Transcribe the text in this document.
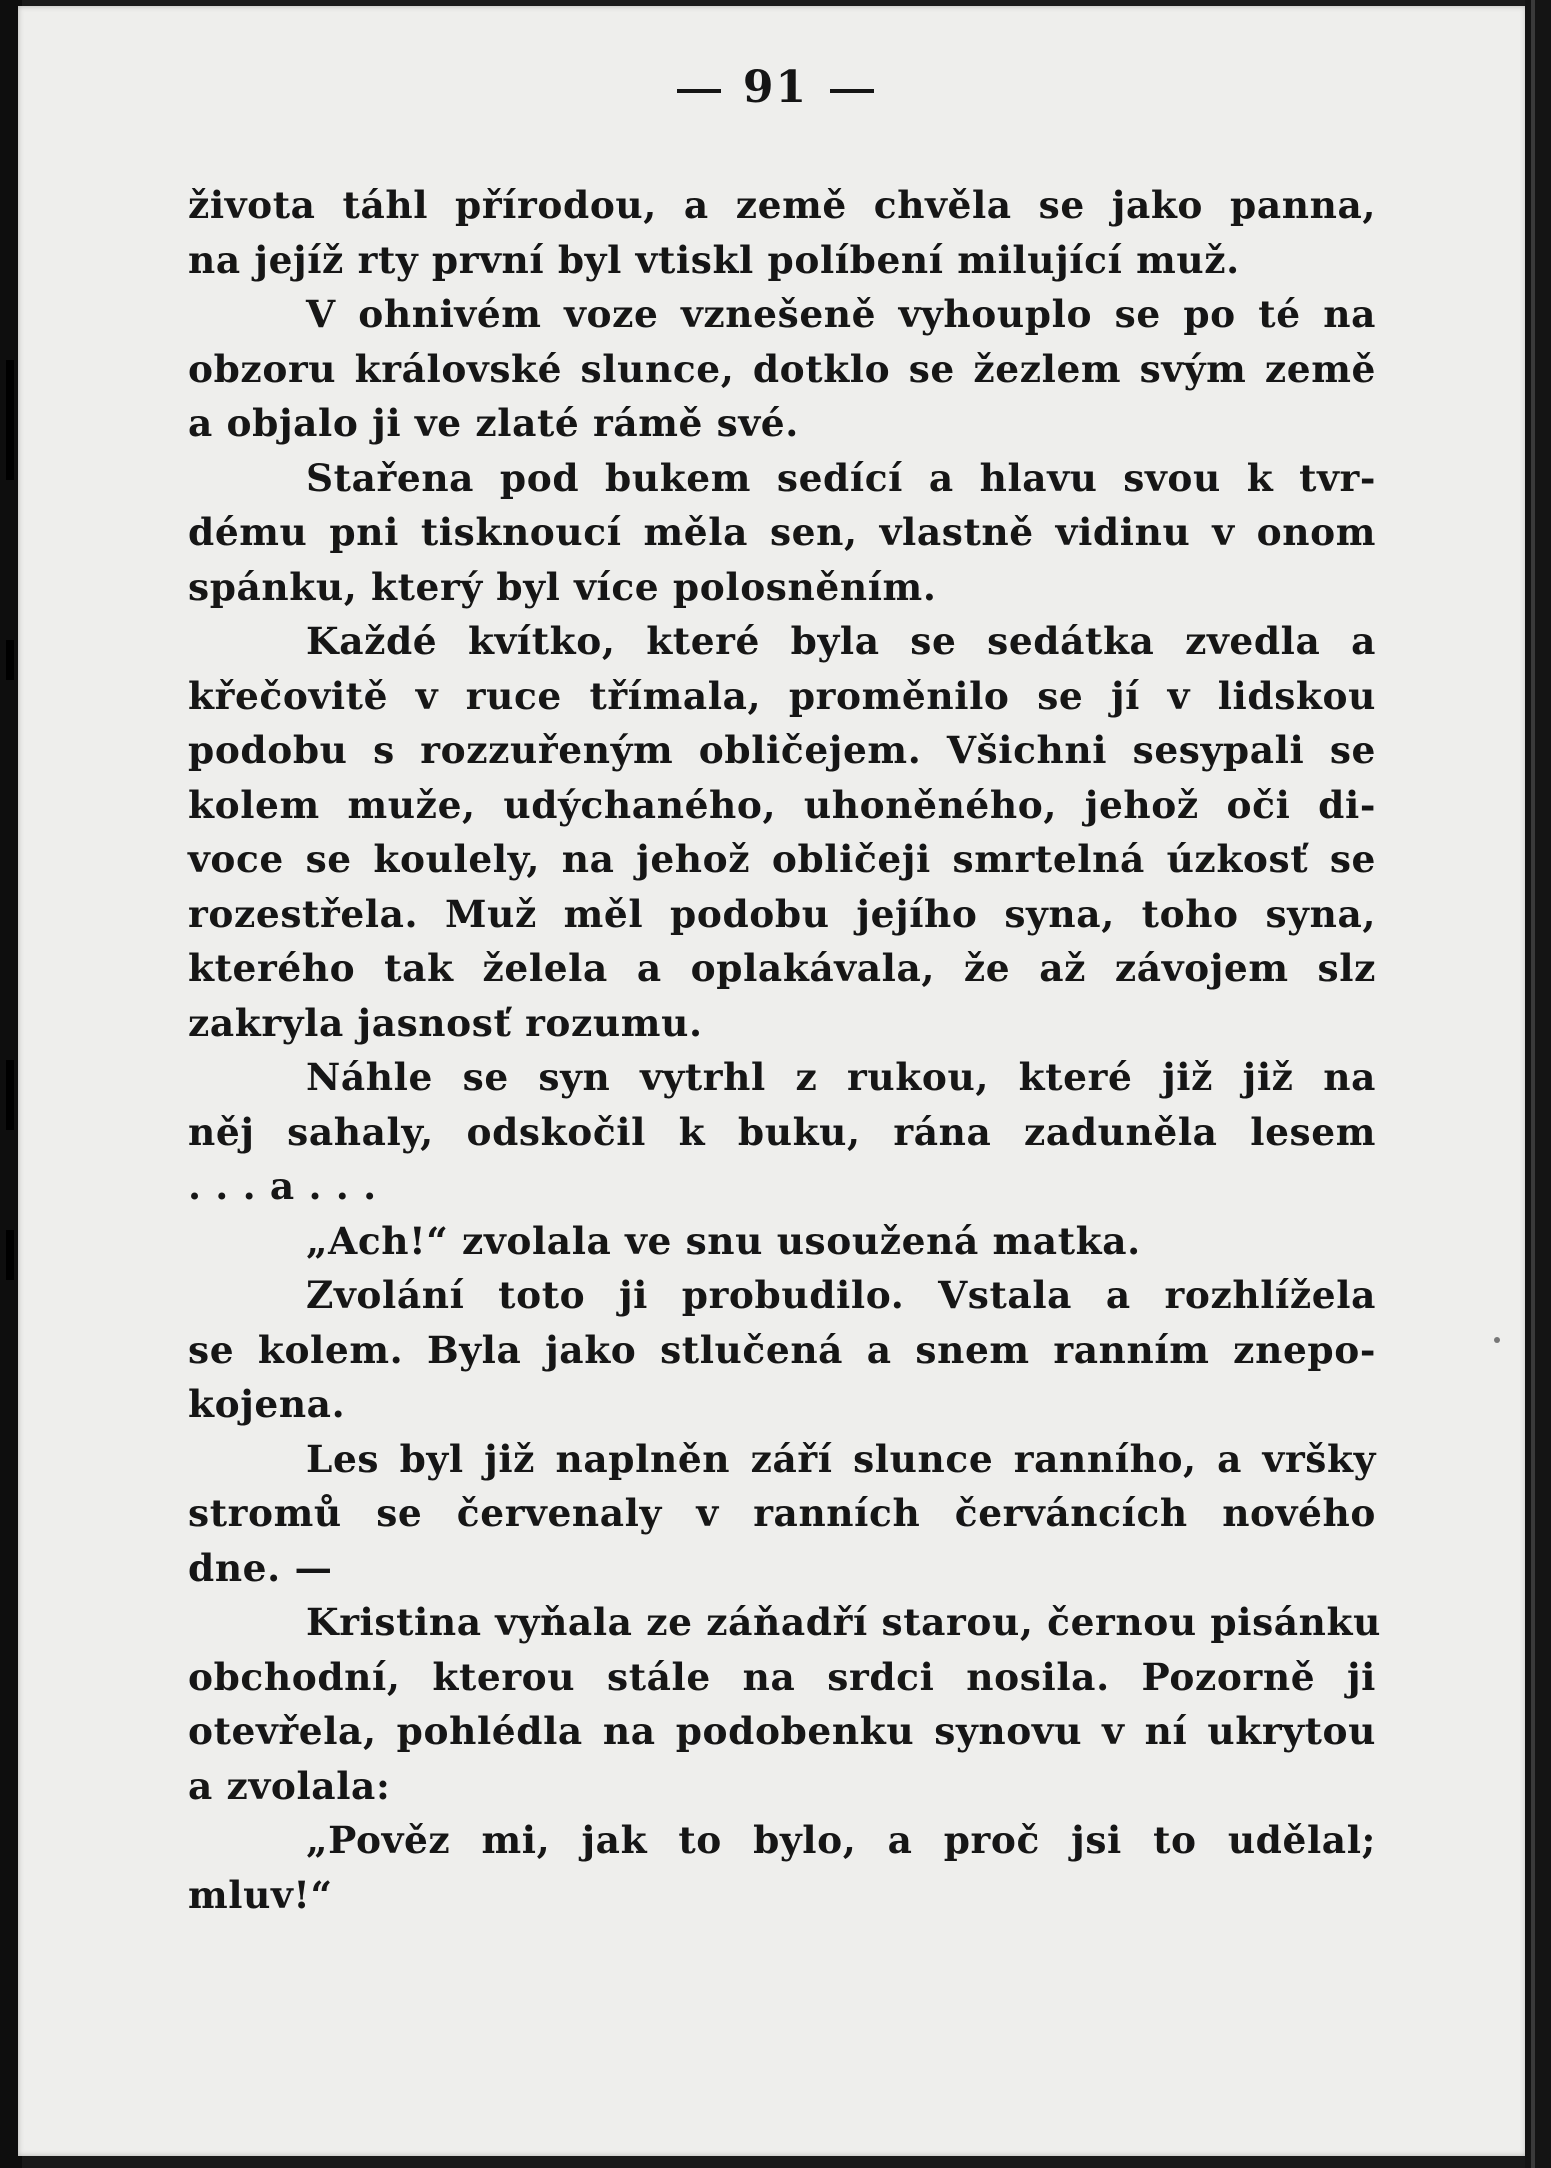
91
života táhl přírodou, a země chvěla se jako panna,
na jejíž rty první byl vtiskl políbení milující muž.
V ohnivém voze vznešeně vyhouplo se po té na
obzoru královské slunce, dotklo se žezlem svým země
a objalo ji ve zlaté rámě své.
Stařena pod bukem sedící a hlavu svou k tvr-
dému pni tisknoucí měla sen, vlastně vidinu v onom
spánku, který byl více polosněním.
Každé kvítko, které byla se sedátka zvedla a
křečovitě v ruce třímala, proměnilo se jí v lidskou
podobu s rozzuřeným obličejem. Všichni sesypali se
kolem muže, udýchaného, uhoněného, jehož oči di-
voce se koulely, na jehož obličeji smrtelná úzkosť se
rozestřela. Muž měl podobu jejího syna, toho syna,
kterého tak želela a oplakávala, že až závojem slz
zakryla jasnosť rozumu.
Náhle se syn vytrhl z rukou, které již již na
něj sahaly, odskočil k buku, rána zaduněla lesem
. . . a . . .
„Ach!“ zvolala ve snu usoužená matka.
Zvolání toto ji probudilo. Vstala a rozhlížela
se kolem. Byla jako stlučená a snem ranním znepo-
kojena.
Les byl již naplněn září slunce ranního, a vršky
stromů se červenaly v ranních červáncích nového
dne. —
Kristina vyňala ze záňadří starou, černou pisánku
obchodní, kterou stále na srdci nosila. Pozorně ji
otevřela, pohlédla na podobenku synovu v ní ukrytou
a zvolala:
„Pověz mi, jak to bylo, a proč jsi to udělal;
mluv!“
